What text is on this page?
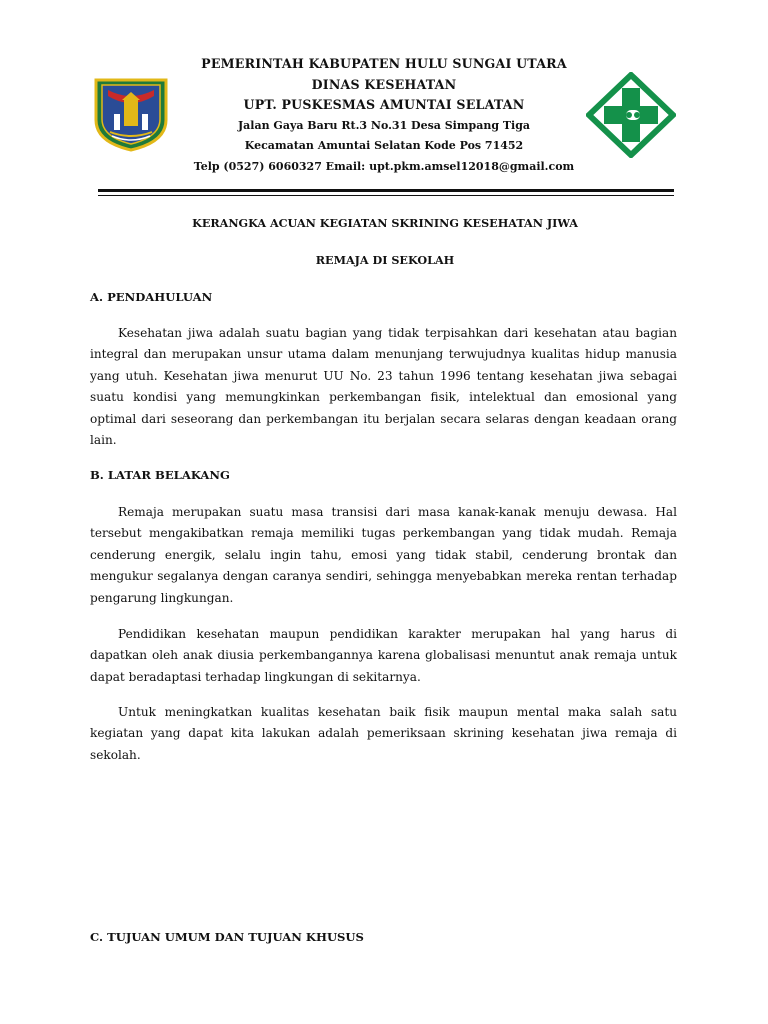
PEMERINTAH KABUPATEN HULU SUNGAI UTARA
DINAS KESEHATAN
UPT. PUSKESMAS AMUNTAI SELATAN
Jalan Gaya Baru Rt.3 No.31 Desa Simpang Tiga
Kecamatan Amuntai Selatan Kode Pos 71452
Telp (0527) 6060327 Email: upt.pkm.amsel12018@gmail.com
KERANGKA ACUAN KEGIATAN SKRINING KESEHATAN JIWA
REMAJA DI SEKOLAH
A. PENDAHULUAN

Kesehatan jiwa adalah suatu bagian yang tidak terpisahkan dari kesehatan atau bagian integral dan merupakan unsur utama dalam menunjang terwujudnya kualitas hidup manusia yang utuh. Kesehatan jiwa menurut UU No. 23 tahun 1996 tentang kesehatan jiwa sebagai suatu kondisi yang memungkinkan perkembangan fisik, intelektual dan emosional yang optimal dari seseorang dan perkembangan itu berjalan secara selaras dengan keadaan orang lain.

B. LATAR BELAKANG

Remaja merupakan suatu masa transisi dari masa kanak-kanak menuju dewasa. Hal tersebut mengakibatkan remaja memiliki tugas perkembangan yang tidak mudah. Remaja cenderung energik, selalu ingin tahu, emosi yang tidak stabil, cenderung brontak dan mengukur segalanya dengan caranya sendiri, sehingga menyebabkan mereka rentan terhadap pengarung lingkungan.

Pendidikan kesehatan maupun pendidikan karakter merupakan hal yang harus di dapatkan oleh anak diusia perkembangannya karena globalisasi menuntut anak remaja untuk dapat beradaptasi terhadap lingkungan di sekitarnya.

Untuk meningkatkan kualitas kesehatan baik fisik maupun mental maka salah satu kegiatan yang dapat kita lakukan adalah pemeriksaan skrining kesehatan jiwa remaja di sekolah.

C. TUJUAN UMUM DAN TUJUAN KHUSUS
